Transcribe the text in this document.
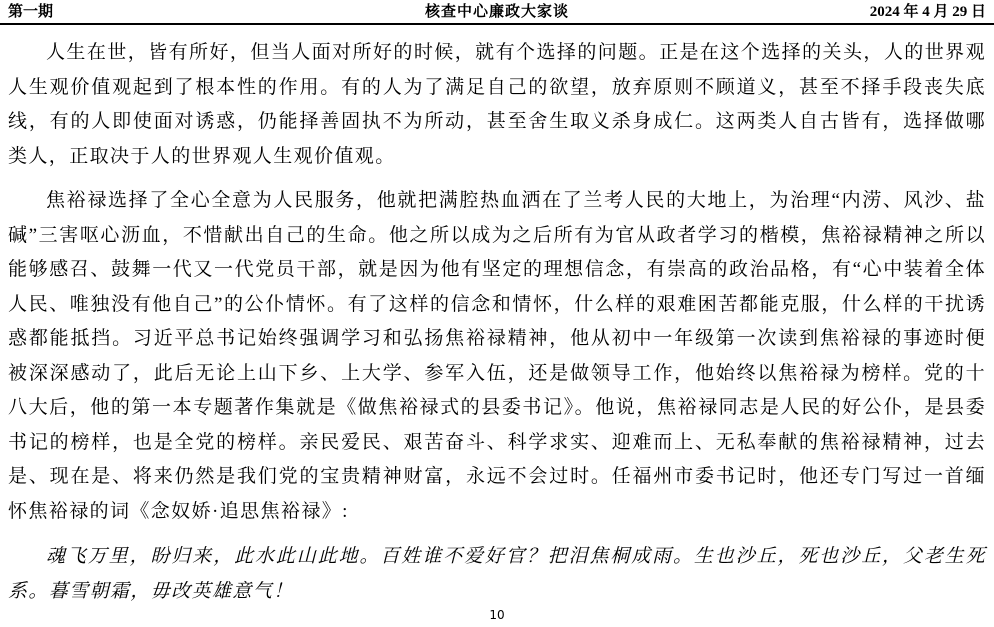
第一期	核查中心廉政大家谈	2024 年 4 月 29 日

人生在世，皆有所好，但当人面对所好的时候，就有个选择的问题。正是在这个选择的关头，人的世界观人生观价值观起到了根本性的作用。有的人为了满足自己的欲望，放弃原则不顾道义，甚至不择手段丧失底线，有的人即使面对诱惑，仍能择善固执不为所动，甚至舍生取义杀身成仁。这两类人自古皆有，选择做哪类人，正取决于人的世界观人生观价值观。

焦裕禄选择了全心全意为人民服务，他就把满腔热血洒在了兰考人民的大地上，为治理“内涝、风沙、盐碱”三害呕心沥血，不惜献出自己的生命。他之所以成为之后所有为官从政者学习的楷模，焦裕禄精神之所以能够感召、鼓舞一代又一代党员干部，就是因为他有坚定的理想信念，有崇高的政治品格，有“心中装着全体人民、唯独没有他自己”的公仆情怀。有了这样的信念和情怀，什么样的艰难困苦都能克服，什么样的干扰诱惑都能抵挡。习近平总书记始终强调学习和弘扬焦裕禄精神，他从初中一年级第一次读到焦裕禄的事迹时便被深深感动了，此后无论上山下乡、上大学、参军入伍，还是做领导工作，他始终以焦裕禄为榜样。党的十八大后，他的第一本专题著作集就是《做焦裕禄式的县委书记》。他说，焦裕禄同志是人民的好公仆，是县委书记的榜样，也是全党的榜样。亲民爱民、艰苦奋斗、科学求实、迎难而上、无私奉献的焦裕禄精神，过去是、现在是、将来仍然是我们党的宝贵精神财富，永远不会过时。任福州市委书记时，他还专门写过一首缅怀焦裕禄的词《念奴娇·追思焦裕禄》:

魂飞万里，盼归来，此水此山此地。百姓谁不爱好官？把泪焦桐成雨。生也沙丘，死也沙丘，父老生死系。暮雪朝霜，毋改英雄意气！

10
